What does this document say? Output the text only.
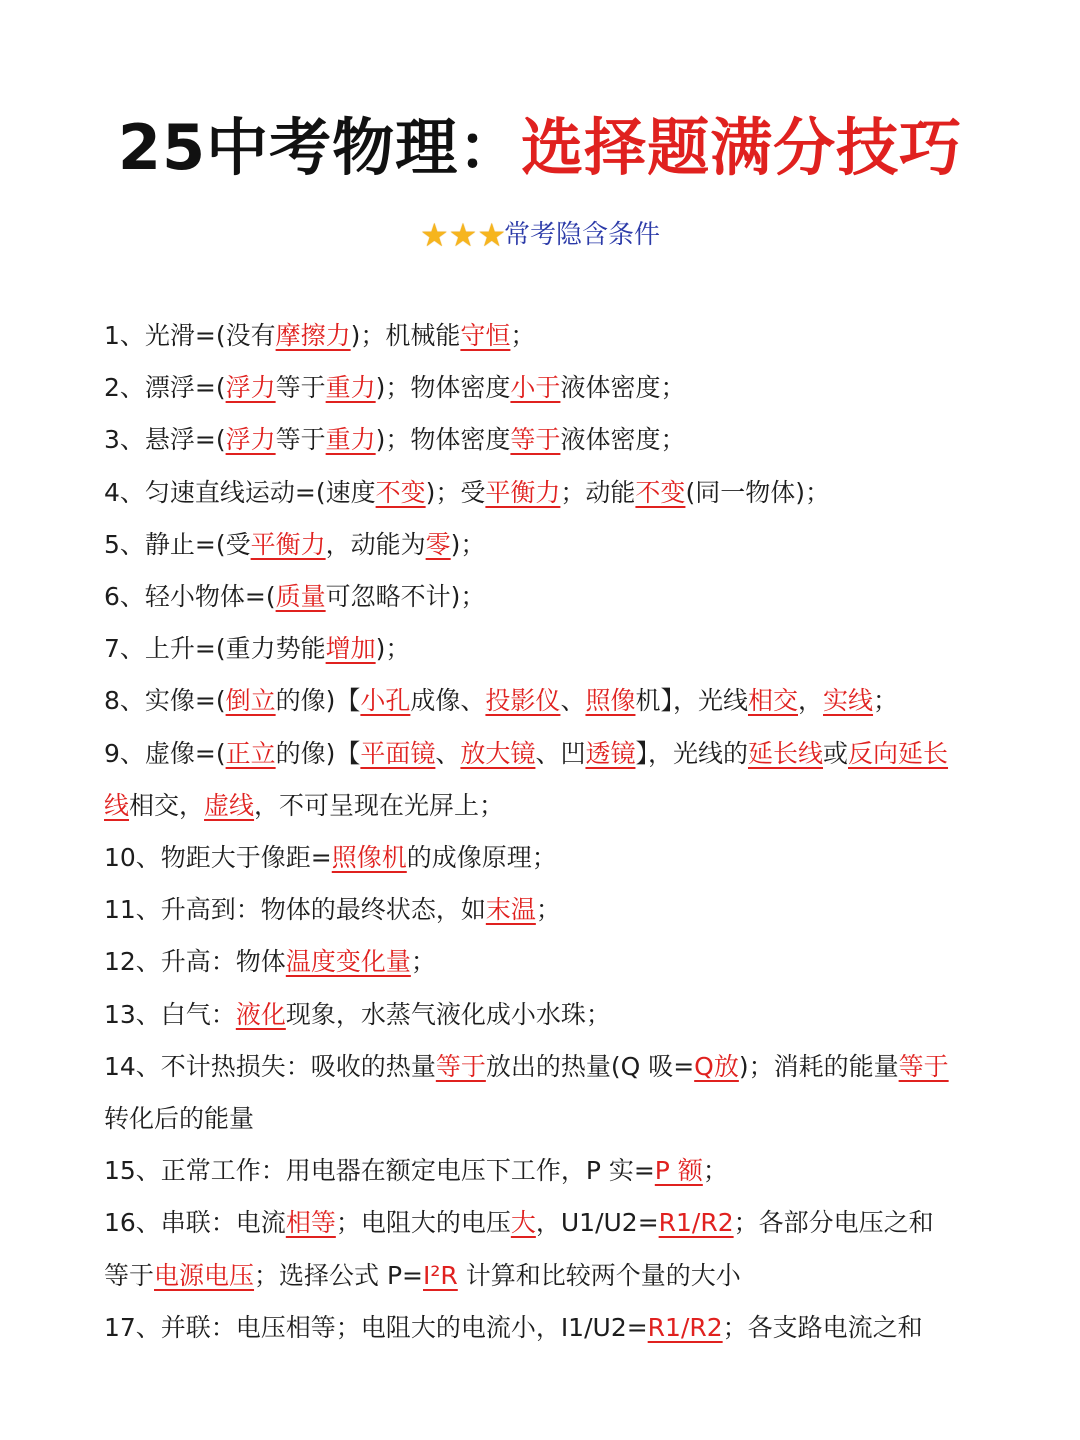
25中考物理：选择题满分技巧
★★★常考隐含条件
1、光滑=(没有摩擦力)；机械能守恒；
2、漂浮=(浮力等于重力)；物体密度小于液体密度；
3、悬浮=(浮力等于重力)；物体密度等于液体密度；
4、匀速直线运动=(速度不变)；受平衡力；动能不变(同一物体)；
5、静止=(受平衡力，动能为零)；
6、轻小物体=(质量可忽略不计)；
7、上升=(重力势能增加)；
8、实像=(倒立的像)【小孔成像、投影仪、照像机】，光线相交，实线；
9、虚像=(正立的像)【平面镜、放大镜、凹透镜】，光线的延长线或反向延长线相交，虚线，不可呈现在光屏上；
10、物距大于像距=照像机的成像原理；
11、升高到：物体的最终状态，如末温；
12、升高：物体温度变化量；
13、白气：液化现象，水蒸气液化成小水珠；
14、不计热损失：吸收的热量等于放出的热量(Q 吸=Q放)；消耗的能量等于转化后的能量
15、正常工作：用电器在额定电压下工作，P 实=P 额；
16、串联：电流相等；电阻大的电压大，U1/U2=R1/R2；各部分电压之和等于电源电压；选择公式 P=I²R 计算和比较两个量的大小
17、并联：电压相等；电阻大的电流小，I1/U2=R1/R2；各支路电流之和
